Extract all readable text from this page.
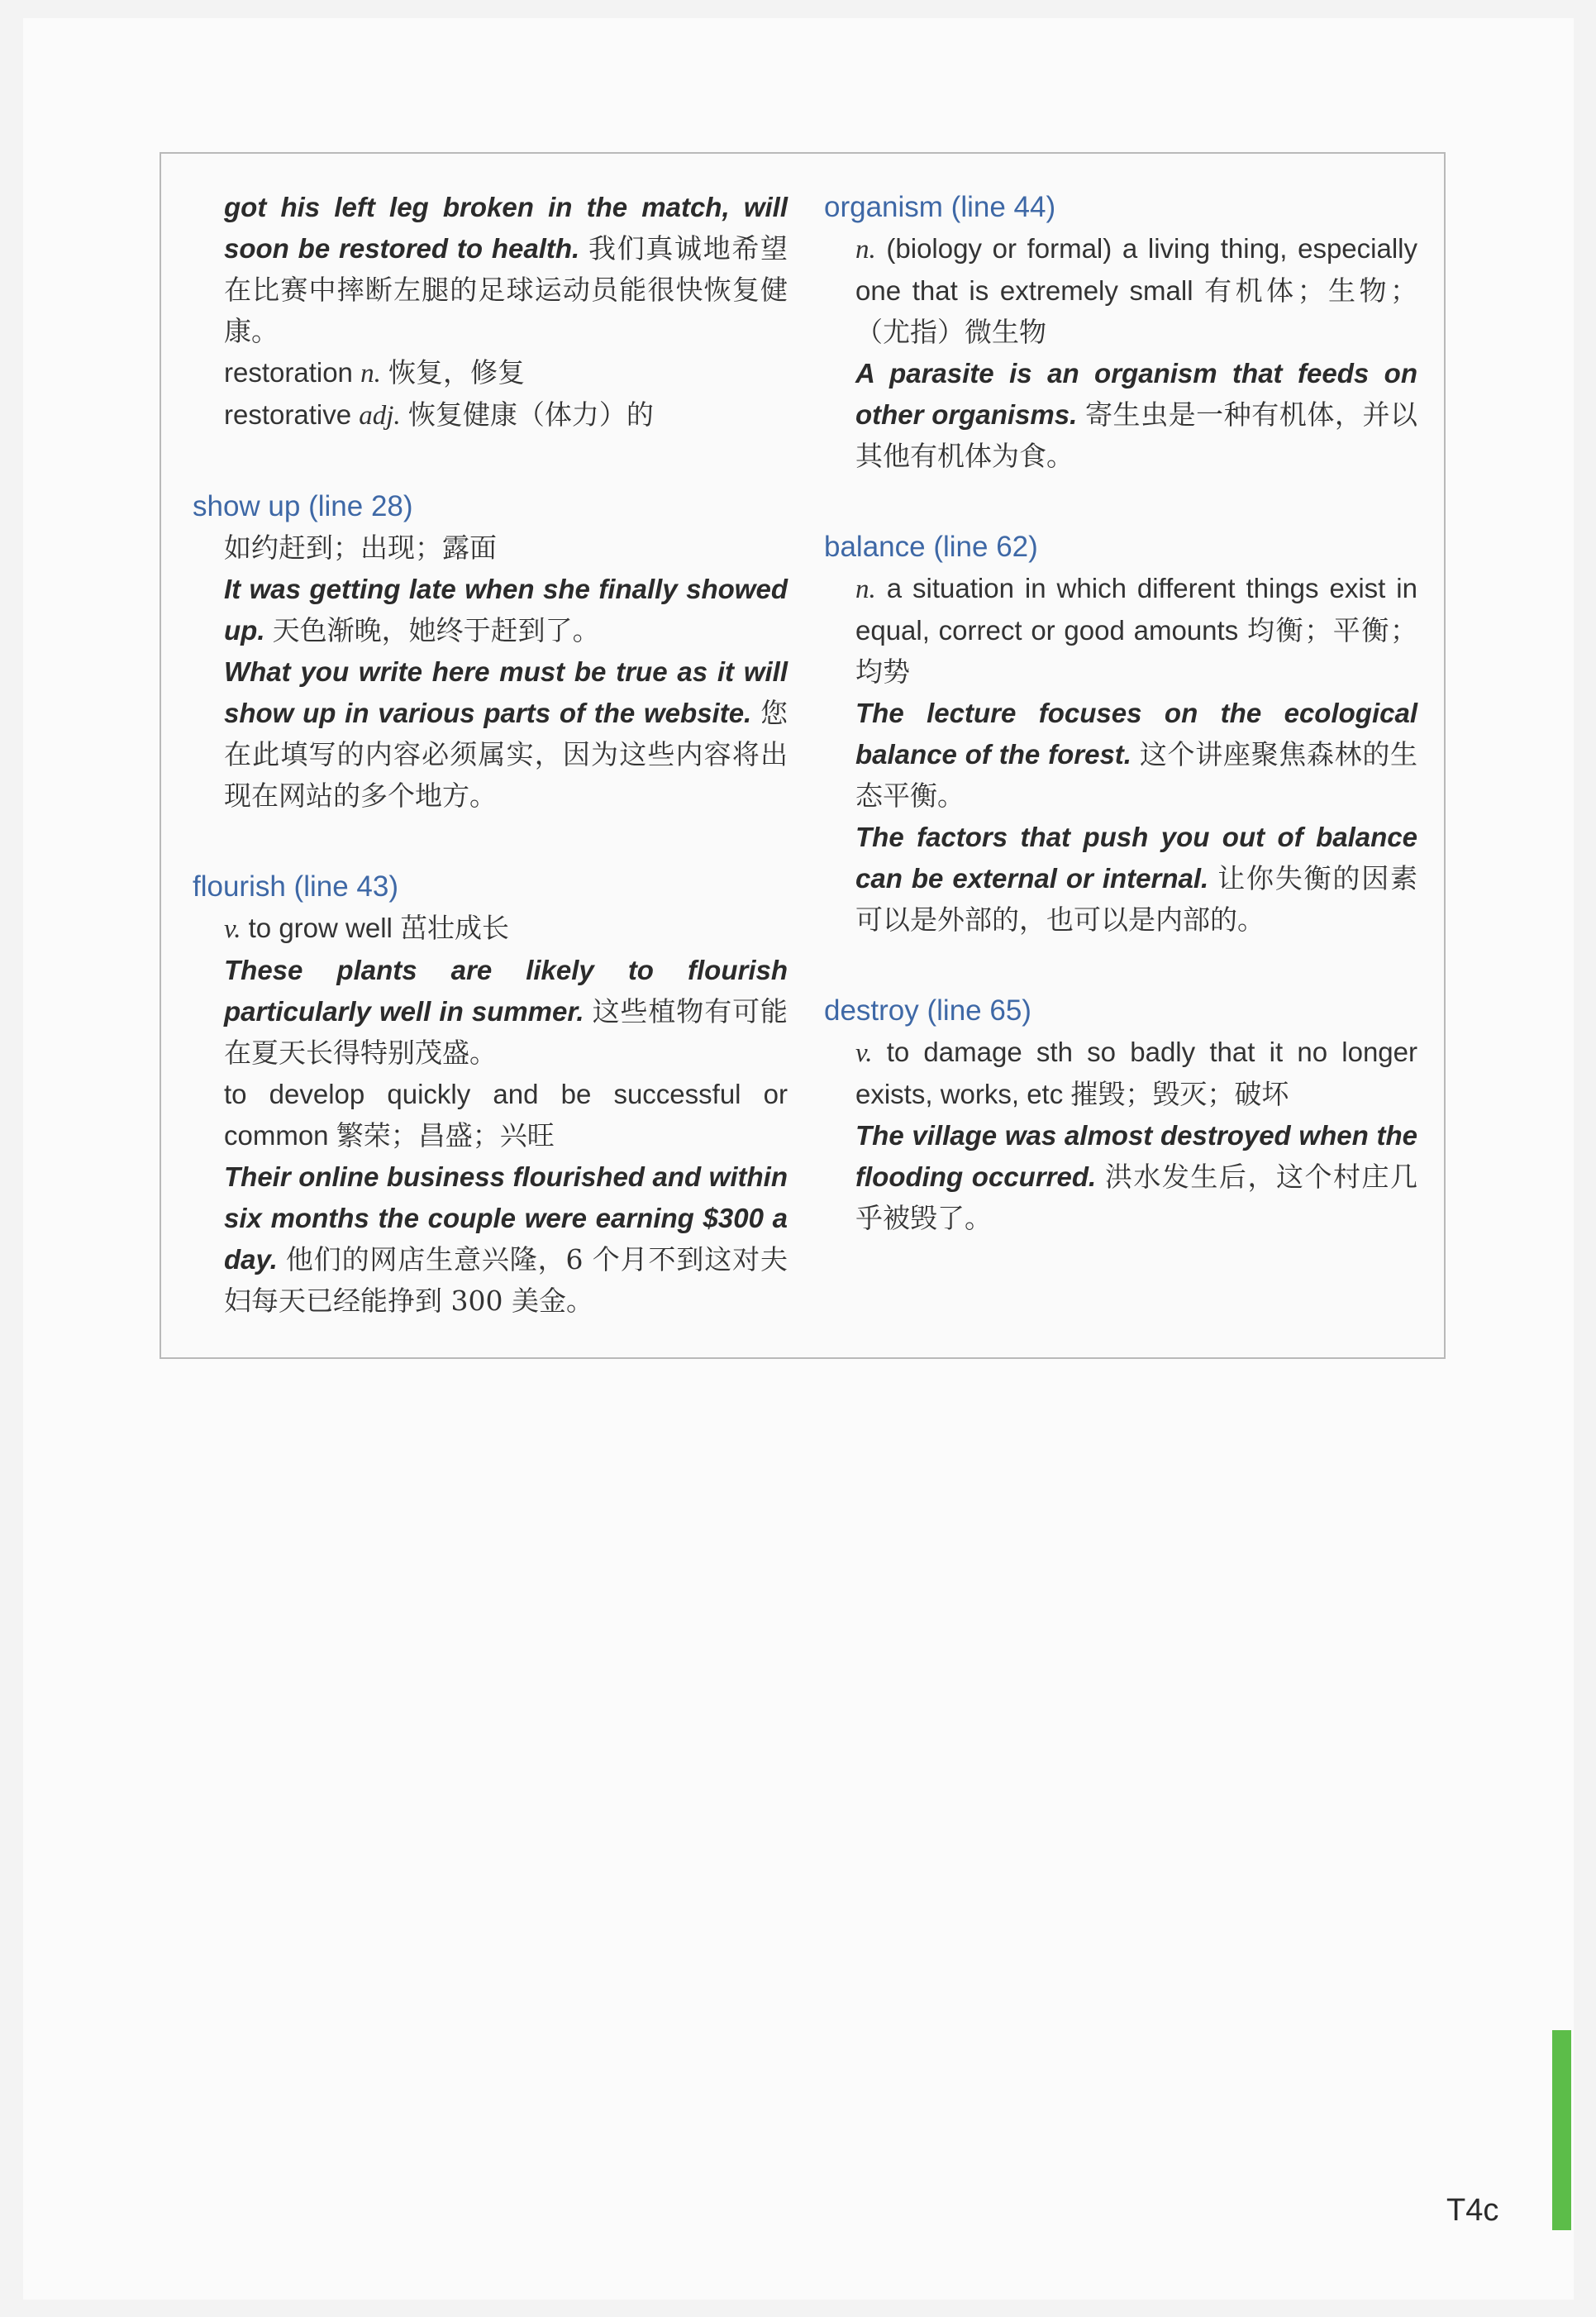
got his left leg broken in the match, will soon be restored to health. 我们真诚地希望在比赛中摔断左腿的足球运动员能很快恢复健康。

restoration n. 恢复，修复

restorative adj. 恢复健康（体力）的

show up (line 28)

如约赶到；出现；露面

It was getting late when she finally showed up. 天色渐晚，她终于赶到了。

What you write here must be true as it will show up in various parts of the website. 您在此填写的内容必须属实，因为这些内容将出现在网站的多个地方。

flourish (line 43)

v. to grow well 茁壮成长

These plants are likely to flourish particularly well in summer. 这些植物有可能在夏天长得特别茂盛。

to develop quickly and be successful or common 繁荣；昌盛；兴旺

Their online business flourished and within six months the couple were earning $300 a day. 他们的网店生意兴隆，6 个月不到这对夫妇每天已经能挣到 300 美金。

organism (line 44)

n. (biology or formal) a living thing, especially one that is extremely small 有机体；生物；（尤指）微生物

A parasite is an organism that feeds on other organisms. 寄生虫是一种有机体，并以其他有机体为食。

balance (line 62)

n. a situation in which different things exist in equal, correct or good amounts 均衡；平衡；均势

The lecture focuses on the ecological balance of the forest. 这个讲座聚焦森林的生态平衡。

The factors that push you out of balance can be external or internal. 让你失衡的因素可以是外部的，也可以是内部的。

destroy (line 65)

v. to damage sth so badly that it no longer exists, works, etc 摧毁；毁灭；破坏

The village was almost destroyed when the flooding occurred. 洪水发生后，这个村庄几乎被毁了。

T4c
